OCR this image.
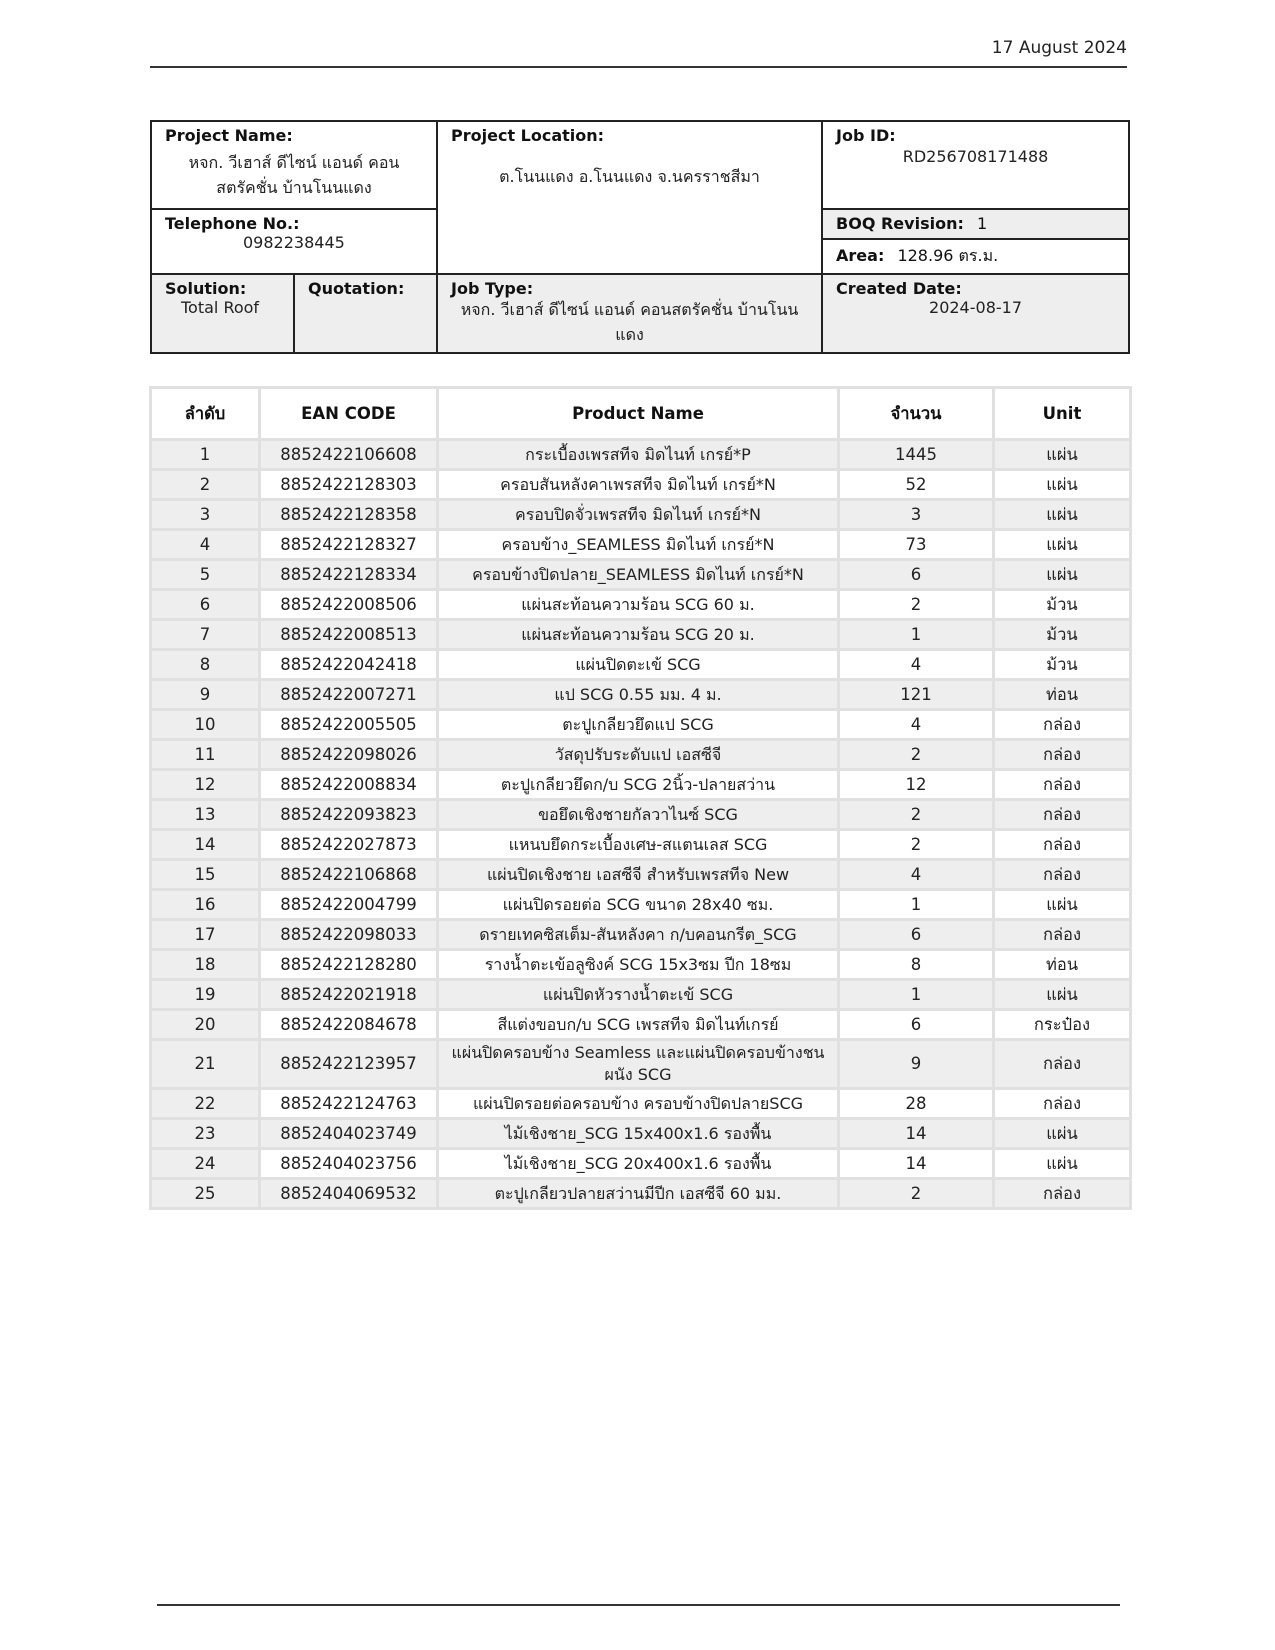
17 August 2024
Project Name:
หจก. วีเฮาส์ ดีไซน์ แอนด์ คอนสตรัคชั่น บ้านโนนแดง		Project Location:
ต.โนนแดง อ.โนนแดง จ.นครราชสีมา	Job ID:
RD256708171488

Telephone No.:
0982238445			BOQ Revision: 1
			Area: 128.96 ตร.ม.

Solution:
Total Roof	Quotation:	Job Type:
หจก. วีเฮาส์ ดีไซน์ แอนด์ คอนสตรัคชั่น บ้านโนนแดง	Created Date:
2024-08-17
ลำดับ	EAN CODE	Product Name	จำนวน	Unit
1	8852422106608	กระเบื้องเพรสทีจ มิดไนท์ เกรย์*P	1445	แผ่น
2	8852422128303	ครอบสันหลังคาเพรสทีจ มิดไนท์ เกรย์*N	52	แผ่น
3	8852422128358	ครอบปิดจั่วเพรสทีจ มิดไนท์ เกรย์*N	3	แผ่น
4	8852422128327	ครอบข้าง_SEAMLESS มิดไนท์ เกรย์*N	73	แผ่น
5	8852422128334	ครอบข้างปิดปลาย_SEAMLESS มิดไนท์ เกรย์*N	6	แผ่น
6	8852422008506	แผ่นสะท้อนความร้อน SCG 60 ม.	2	ม้วน
7	8852422008513	แผ่นสะท้อนความร้อน SCG 20 ม.	1	ม้วน
8	8852422042418	แผ่นปิดตะเข้ SCG	4	ม้วน
9	8852422007271	แป SCG 0.55 มม. 4 ม.	121	ท่อน
10	8852422005505	ตะปูเกลียวยึดแป SCG	4	กล่อง
11	8852422098026	วัสดุปรับระดับแป เอสซีจี	2	กล่อง
12	8852422008834	ตะปูเกลียวยึดก/บ SCG 2นิ้ว-ปลายสว่าน	12	กล่อง
13	8852422093823	ขอยึดเชิงชายกัลวาไนซ์ SCG	2	กล่อง
14	8852422027873	แหนบยึดกระเบื้องเศษ-สแตนเลส SCG	2	กล่อง
15	8852422106868	แผ่นปิดเชิงชาย เอสซีจี สำหรับเพรสทีจ New	4	กล่อง
16	8852422004799	แผ่นปิดรอยต่อ SCG ขนาด 28x40 ซม.	1	แผ่น
17	8852422098033	ดรายเทคซิสเต็ม-สันหลังคา ก/บคอนกรีต_SCG	6	กล่อง
18	8852422128280	รางน้ำตะเข้อลูซิงค์ SCG 15x3ซม ปีก 18ซม	8	ท่อน
19	8852422021918	แผ่นปิดหัวรางน้ำตะเข้ SCG	1	แผ่น
20	8852422084678	สีแต่งขอบก/บ SCG เพรสทีจ มิดไนท์เกรย์	6	กระป๋อง
21	8852422123957	แผ่นปิดครอบข้าง Seamless และแผ่นปิดครอบข้างชนผนัง SCG	9	กล่อง
22	8852422124763	แผ่นปิดรอยต่อครอบข้าง ครอบข้างปิดปลายSCG	28	กล่อง
23	8852404023749	ไม้เชิงชาย_SCG 15x400x1.6 รองพื้น	14	แผ่น
24	8852404023756	ไม้เชิงชาย_SCG 20x400x1.6 รองพื้น	14	แผ่น
25	8852404069532	ตะปูเกลียวปลายสว่านมีปีก เอสซีจี 60 มม.	2	กล่อง
